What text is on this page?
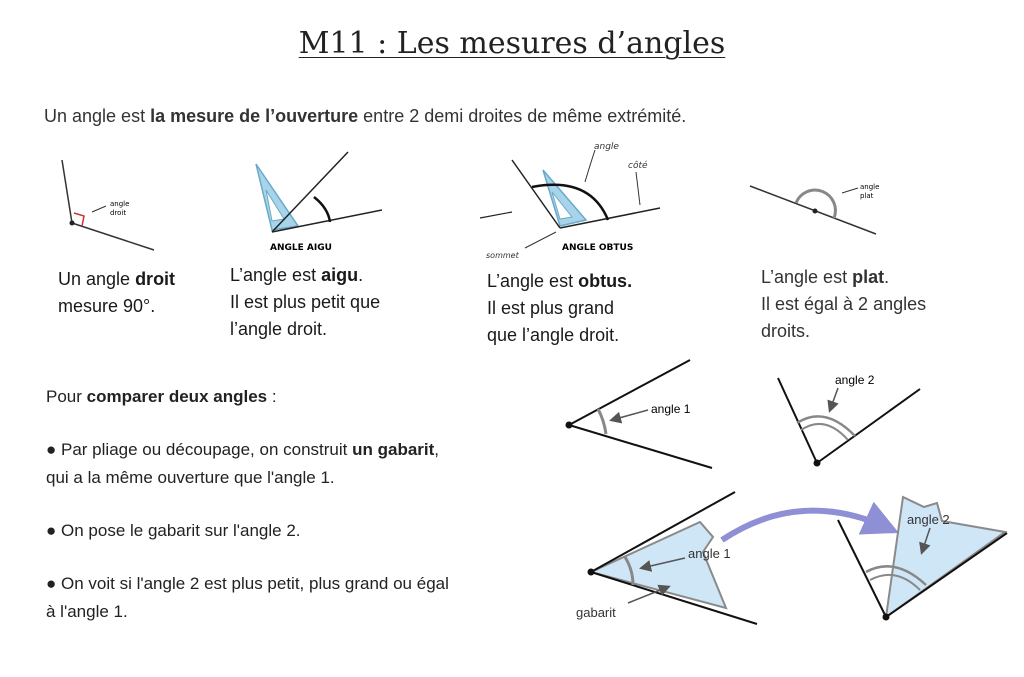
M11 : Les mesures d’angles
Un angle est la mesure de l’ouverture entre 2 demi droites de même extrémité.
angle
droit
ANGLE AIGU
angle
côté
sommet
ANGLE OBTUS
angle
plat
Un angle droit
mesure 90°.
L’angle est aigu.
Il est plus petit que
l’angle droit.
L’angle est obtus.
Il est plus grand
que l’angle droit.
L’angle est plat.
Il est égal à 2 angles
droits.
Pour comparer deux angles :
● Par pliage ou découpage, on construit un gabarit,
qui a la même ouverture que l'angle 1.
● On pose le gabarit sur l'angle 2.
● On voit si l'angle 2 est plus petit, plus grand ou égal
à l'angle 1.
angle 1
angle 2
angle 1
gabarit
angle 2
